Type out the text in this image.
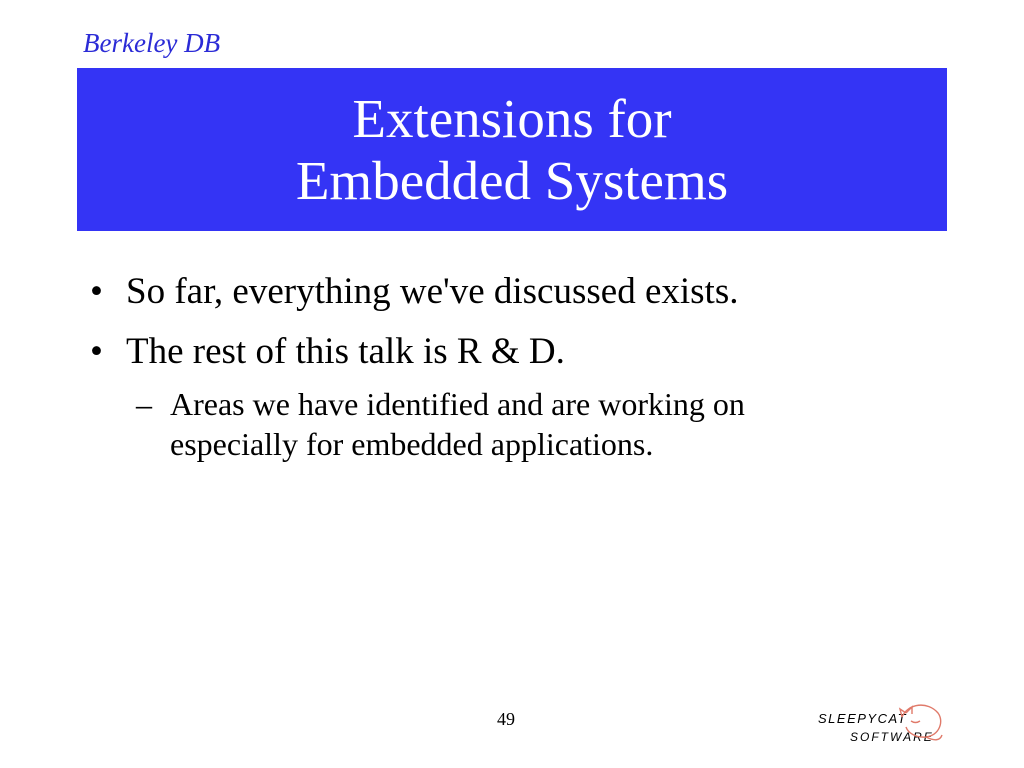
Berkeley DB
Extensions for
Embedded Systems
• So far, everything we've discussed exists.
• The rest of this talk is R & D.
– Areas we have identified and are working on especially for embedded applications.
49	SLEEPYCAT
SOFTWARE
